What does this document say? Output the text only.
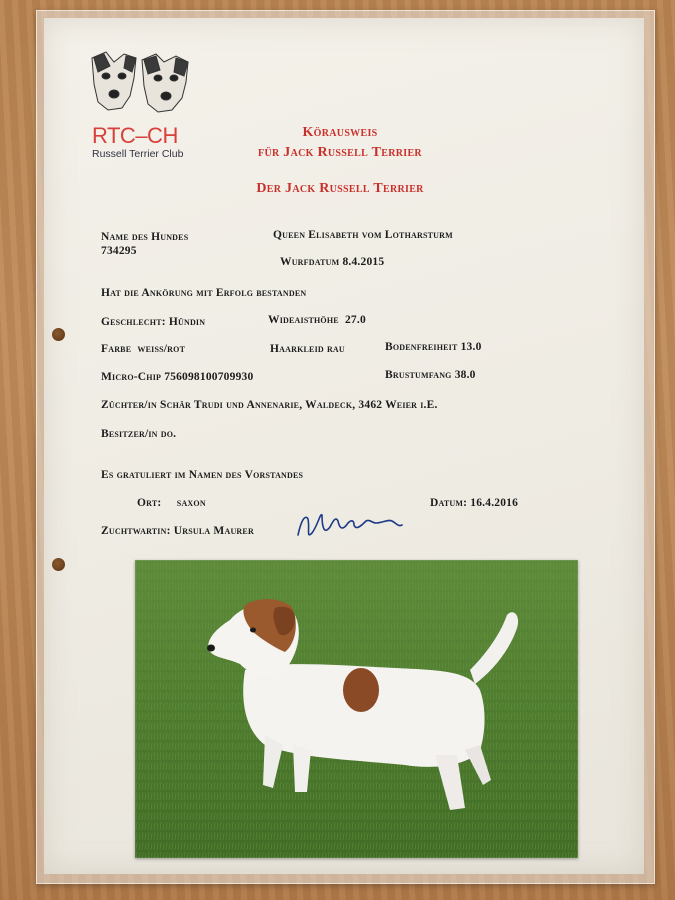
RTC–CH
Russell Terrier Club
Körausweis
für Jack Russell Terrier
Der Jack Russell Terrier
Name des Hundes	Queen Elisabeth vom Lotharsturm
734295
Wurfdatum 8.4.2015
Hat die Ankörung mit Erfolg bestanden
Geschlecht: Hündin	Wideaisthöhe 27.0
Farbe weiss/rot	Haarkleid rau	Bodenfreiheit 13.0
Micro-Chip 756098100709930	Brustumfang 38.0
Züchter/in Schär Trudi und Annenarie, Waldeck, 3462 Weier i.E.
Besitzer/in do.
Es gratuliert im Namen des Vorstandes
Ort: saxon	Datum: 16.4.2016
Zuchtwartin: Ursula Maurer
